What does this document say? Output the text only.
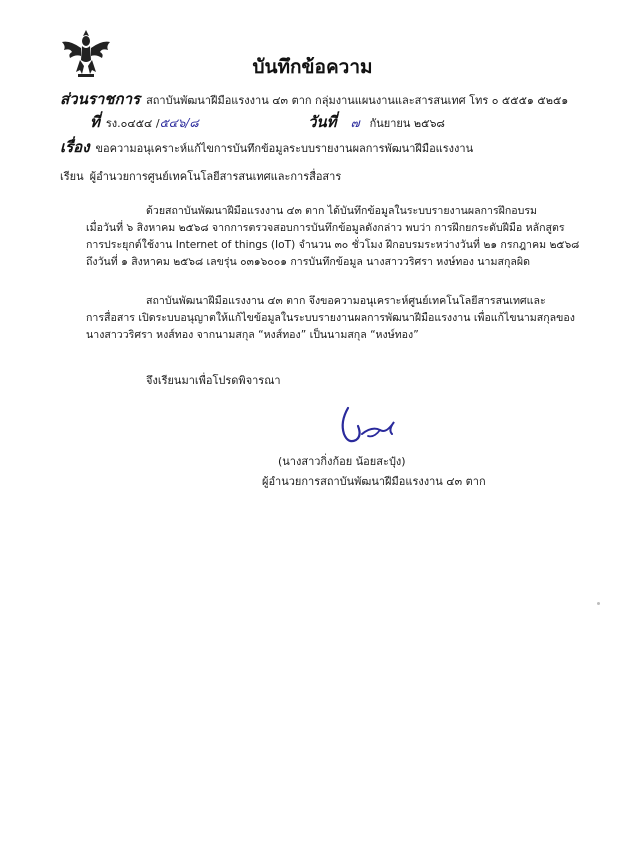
บันทึกข้อความ
ส่วนราชการ สถาบันพัฒนาฝีมือแรงงาน ๔๓ ตาก กลุ่มงานแผนงานและสารสนเทศ โทร ๐ ๕๕๕๑ ๕๒๕๑
ที่ รง.๐๔๕๔ /๕๔๖/๘	วันที่ ๗ กันยายน ๒๕๖๘
เรื่อง ขอความอนุเคราะห์แก้ไขการบันทึกข้อมูลระบบรายงานผลการพัฒนาฝีมือแรงงาน
เรียน ผู้อำนวยการศูนย์เทคโนโลยีสารสนเทศและการสื่อสาร
ด้วยสถาบันพัฒนาฝีมือแรงงาน ๔๓ ตาก ได้บันทึกข้อมูลในระบบรายงานผลการฝึกอบรม
เมื่อวันที่ ๖ สิงหาคม ๒๕๖๘ จากการตรวจสอบการบันทึกข้อมูลดังกล่าว พบว่า การฝึกยกระดับฝีมือ หลักสูตร
การประยุกต์ใช้งาน Internet of things (IoT) จำนวน ๓๐ ชั่วโมง ฝึกอบรมระหว่างวันที่ ๒๑ กรกฎาคม ๒๕๖๘
ถึงวันที่ ๑ สิงหาคม ๒๕๖๘ เลขรุ่น ๐๓๑๖๐๐๑ การบันทึกข้อมูล นางสาววริศรา หงษ์ทอง นามสกุลผิด
สถาบันพัฒนาฝีมือแรงงาน ๔๓ ตาก จึงขอความอนุเคราะห์ศูนย์เทคโนโลยีสารสนเทศและ
การสื่อสาร เปิดระบบอนุญาตให้แก้ไขข้อมูลในระบบรายงานผลการพัฒนาฝีมือแรงงาน เพื่อแก้ไขนามสกุลของ
นางสาววริศรา หงส์ทอง จากนามสกุล “หงส์ทอง” เป็นนามสกุล “หงษ์ทอง”
จึงเรียนมาเพื่อโปรดพิจารณา
(นางสาวกิ่งก้อย น้อยสะปุ๋ง)
ผู้อำนวยการสถาบันพัฒนาฝีมือแรงงาน ๔๓ ตาก
